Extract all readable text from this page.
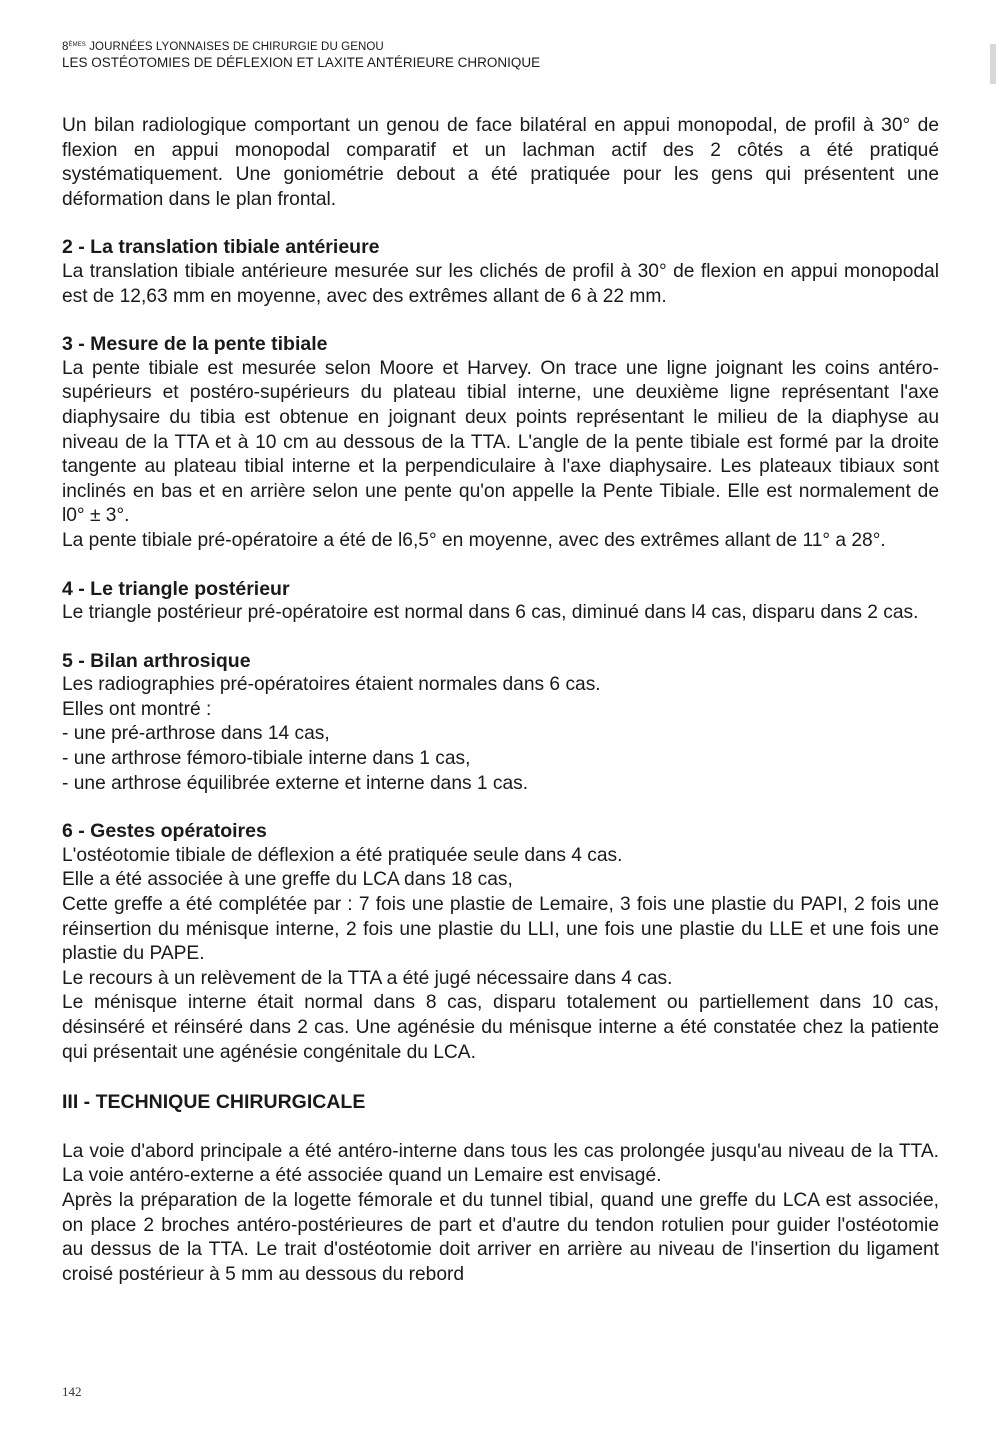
8ÈMES JOURNÉES LYONNAISES DE CHIRURGIE DU GENOU
LES OSTÉOTOMIES DE DÉFLEXION ET LAXITE ANTÉRIEURE CHRONIQUE

Un bilan radiologique comportant un genou de face bilatéral en appui monopodal, de profil à 30° de flexion en appui monopodal comparatif et un lachman actif des 2 côtés a été pratiqué systématiquement. Une goniométrie debout a été pratiquée pour les gens qui présentent une déformation dans le plan frontal.

2 - La translation tibiale antérieure

La translation tibiale antérieure mesurée sur les clichés de profil à 30° de flexion en appui monopodal est de 12,63 mm en moyenne, avec des extrêmes allant de 6 à 22 mm.

3 - Mesure de la pente tibiale

La pente tibiale est mesurée selon Moore et Harvey. On trace une ligne joignant les coins antéro-supérieurs et postéro-supérieurs du plateau tibial interne, une deuxième ligne représentant l'axe diaphysaire du tibia est obtenue en joignant deux points représentant le milieu de la diaphyse au niveau de la TTA et à 10 cm au dessous de la TTA. L'angle de la pente tibiale est formé par la droite tangente au plateau tibial interne et la perpendiculaire à l'axe diaphysaire. Les plateaux tibiaux sont inclinés en bas et en arrière selon une pente qu'on appelle la Pente Tibiale. Elle est normalement de l0° ± 3°.

La pente tibiale pré-opératoire a été de l6,5° en moyenne, avec des extrêmes allant de 11° a 28°.

4 - Le triangle postérieur

Le triangle postérieur pré-opératoire est normal dans 6 cas, diminué dans l4 cas, disparu dans 2 cas.

5 - Bilan arthrosique

Les radiographies pré-opératoires étaient normales dans 6 cas.
Elles ont montré :
- une pré-arthrose dans 14 cas,
- une arthrose fémoro-tibiale interne dans 1 cas,
- une arthrose équilibrée externe et interne dans 1 cas.

6 - Gestes opératoires

L'ostéotomie tibiale de déflexion a été pratiquée seule dans 4 cas.

Elle a été associée à une greffe du LCA dans 18 cas,

Cette greffe a été complétée par : 7 fois une plastie de Lemaire, 3 fois une plastie du PAPI, 2 fois une réinsertion du ménisque interne, 2 fois une plastie du LLI, une fois une plastie du LLE et une fois une plastie du PAPE.

Le recours à un relèvement de la TTA a été jugé nécessaire dans 4 cas.

Le ménisque interne était normal dans 8 cas, disparu totalement ou partiellement dans 10 cas, désinséré et réinséré dans 2 cas. Une agénésie du ménisque interne a été constatée chez la patiente qui présentait une agénésie congénitale du LCA.

III - TECHNIQUE CHIRURGICALE

La voie d'abord principale a été antéro-interne dans tous les cas prolongée jusqu'au niveau de la TTA. La voie antéro-externe a été associée quand un Lemaire est envisagé.

Après la préparation de la logette fémorale et du tunnel tibial, quand une greffe du LCA est associée, on place 2 broches antéro-postérieures de part et d'autre du tendon rotulien pour guider l'ostéotomie au dessus de la TTA. Le trait d'ostéotomie doit arriver en arrière au niveau de l'insertion du ligament croisé postérieur à 5 mm au dessous du rebord

142
